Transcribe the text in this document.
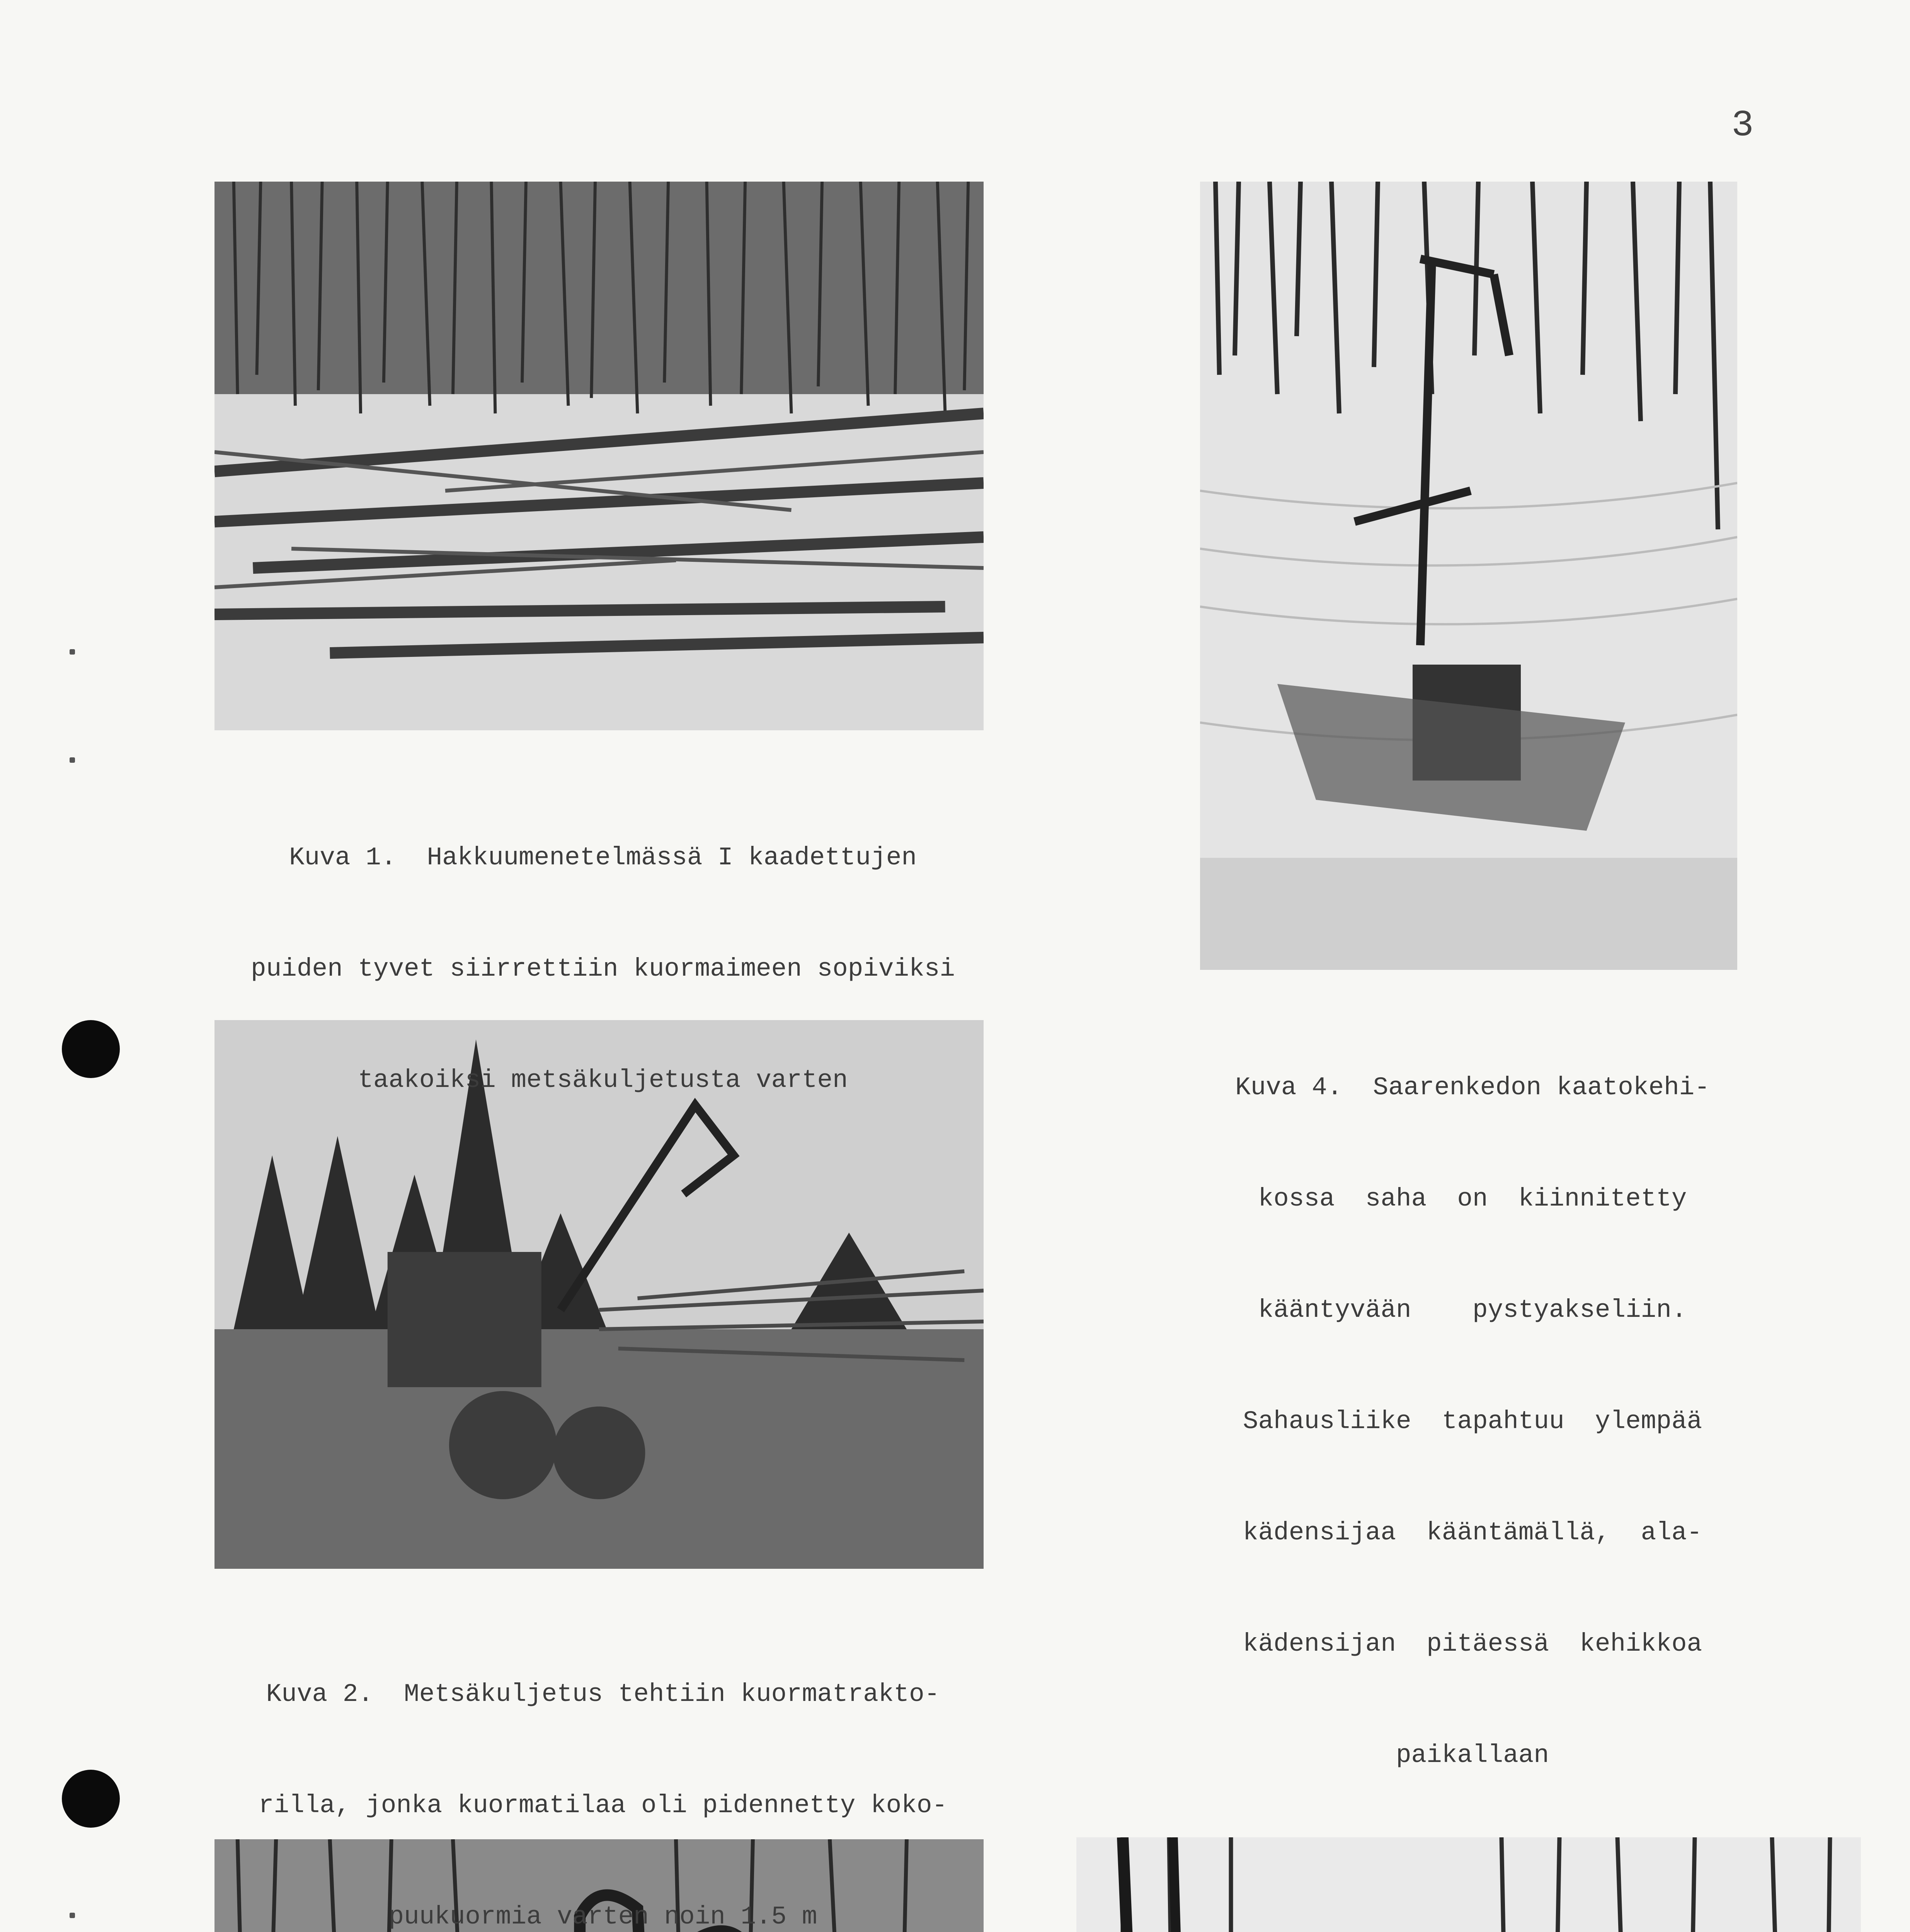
3

Kuva 1.  Hakkuumenetelmässä I kaadettujen

puiden tyvet siirrettiin kuormaimeen sopiviksi

taakoiksi metsäkuljetusta varten

	Kuva 4.  Saarenkedon kaatokehi-

kossa  saha  on  kiinnitetty

kääntyvään    pystyakseliin.

Sahausliike  tapahtuu  ylempää

kädensijaa  kääntämällä,  ala-

kädensijan  pitäessä  kehikkoa

paikallaan

Kuva 2.  Metsäkuljetus tehtiin kuormatrakto-

rilla, jonka kuormatilaa oli pidennetty koko-

puukuormia varten noin 1.5 m
